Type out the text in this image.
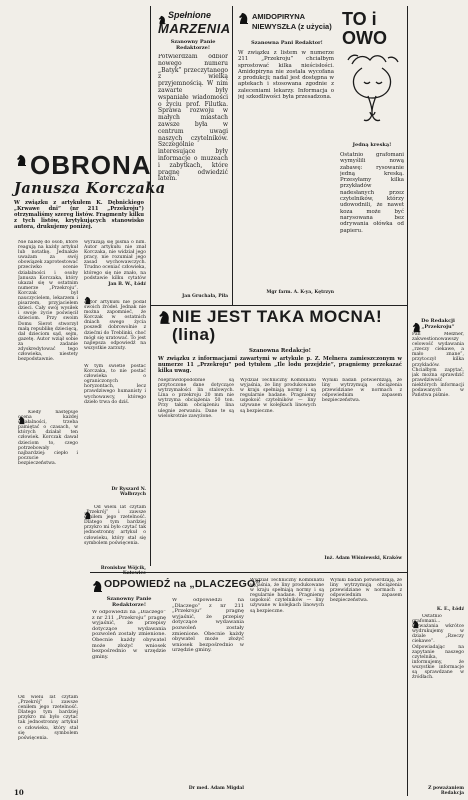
OBRONA
Janusza Korczaka
W związku z artykułem K. Dębnickiego „Krwawe dni” (nr 211 „Przekroju”) otrzymaliśmy szereg listów. Fragmenty kilku z tych listów, krytykujących stanowisko autora, drukujemy poniżej.
Nie należę do osób, które reagują na każdy artykuł lub notatkę. Jednakże uważam za swój obowiązek zaprotestować przeciwko ocenie działalności i osoby Janusza Korczaka, który ukazał się w ostatnim numerze „Przekroju”. Korczak był nauczycielem, lekarzem i pisarzem, przyjacielem dzieci. Cały swój wysiłek i swoje życie poświęcił dzieciom. Przy swoim Domu Sierot stworzył małą republikę dziecięcą, dał dzieciom sąd, sejm, gazetę. Autor wziął sobie za zadanie zdyskredytować tego człowieka, niestety bezpodstawnie.
wyrażają się pisma o nim. Autor artykułu nie znał Korczaka, nie widział jego pracy, nie rozumiał jego zasad wychowawczych. Trudno oceniać człowieka, którego się nie znało, na podstawie kilku cytatów
Jan B. W., Łódź
Autor artykułu nie podał swoich źródeł. Jednak nie można zapomnieć, że Korczak w ostatnich dniach swego życia poszedł dobrowolnie z dziećmi do Treblinki, choć mógł się uratować. To jest najlepsza odpowiedź na wszystkie zarzuty.
W tym świetle postać Korczaka, to nie postać człowieka o ograniczonych horyzontach, lecz prawdziwego humanisty i wychowawcy, którego dzieło trwa do dziś.
Dr Ryszard N. Wałbrzych
Kiedy następuje ocena każdej działalności, trzeba pamiętać o czasach, w których działał ten człowiek. Korczak dawał dzieciom to, czego potrzebowały najbardziej: ciepło i poczucie bezpieczeństwa.
Od wielu lat czytam „Przekrój” i zawsze ceniłem jego rzetelność. Dlatego tym bardziej przykro mi było czytać tak jednostronny artykuł o człowieku, który stał się symbolem poświęcenia.
Bronisław Wójcik, Katowice
Od wielu lat czytam „Przekrój” i zawsze ceniłem jego rzetelność. Dlatego tym bardziej przykro mi było czytać tak jednostronny artykuł o człowieku, który stał się symbolem poświęcenia.
10
Spełnione
MARZENIA
Szanowny Panie Redaktorze!
Potwierdzam odbiór nowego numeru „Batyk” przeczytanego z wielką przyjemnością. W nim zawarte były wspaniałe wiadomości o życiu prof. Filutka. Sprawa rozwoju w małych miastach zawsze była w centrum uwagi naszych czytelników. Szczególnie interesujące były informacje o muzeach i zabytkach, które pragnę odwiedzić latem.
Jan Gruchała, Piła
AMIDOPIRYNA NIEWYSZŁA (z użycia)
Szanowna Pani Redaktor!
W związku z listem w numerze 211 „Przekroju” chciałbym sprostować kilka nieścisłości. Amidopiryna nie została wycofana z produkcji; nadal jest dostępna w aptekach i stosowana zgodnie z zaleceniami lekarzy. Informacja o jej szkodliwości była przesadzona.
Mgr farm. A. K-ya, Kętrzyn
TO i OWO
Jedną kreską!
Ostatnio grafomani wymyślili nową zabawę: rysowanie jedną kreską. Przesyłamy kilka przykładów nadesłanych przez czytelników, którzy udowodnili, że nawet koza może być narysowana bez odrywania ołówka od papieru.
NIE JEST TAKA MOCNA! (lina)
Szanowna Redakcjo!
W związku z informacjami zawartymi w artykule p. Z. Mełnera zamieszczonym w numerze 11 „Przekroju” pod tytułem „Ile lodu przejdzie”, pragniemy przekazać kilka uwag.
Nieprawdopodobnie są przytoczone dane dotyczące wytrzymałości lin stalowych. Lina o przekroju 20 mm nie wytrzyma obciążenia 50 ton. Przy takim obciążeniu lina ulegnie zerwaniu. Dane te są wielokrotnie zawyżone.
Wydział Techniczny Kombinatu wyjaśnia, że liny produkowane w kraju spełniają normy i są regularnie badane. Pragniemy uspokoić czytelników — liny używane w kolejkach linowych są bezpieczne.
Wyniki badań potwierdzają, że liny wytrzymują obciążenia przewidziane w normach z odpowiednim zapasem bezpieczeństwa.
Inż. Adam Wiśniewski, Kraków
Do Redakcji „Przekroju”
Pan Mełzner, zakwestionowawszy celowość wydawania „rzeczy ciekawe, a mało znane”, przytoczył kilka przykładów. Chciałbym zapytać, jak można sprawdzić prawdziwość niektórych informacji podawanych w Państwa piśmie.
K. E., Łódź
Ostatnio grafomani... rozważania wkrótce wydrukujemy w dziale „Rzeczy ciekawe”. Odpowiadając na zapytanie naszego czytelnika, informujemy, że wszystkie informacje są sprawdzane w źródłach.
Z poważaniem Redakcja
ODPOWIEDŹ na „DLACZEGO”
Szanowny Panie Redaktorze!
W odpowiedzi na „Dlaczego” z nr 211 „Przekroju” pragnę wyjaśnić, że przepisy dotyczące wydawania pozwoleń zostały zmienione. Obecnie każdy obywatel może złożyć wniosek bezpośrednio w urzędzie gminy.
W odpowiedzi na „Dlaczego” z nr 211 „Przekroju” pragnę wyjaśnić, że przepisy dotyczące wydawania pozwoleń zostały zmienione. Obecnie każdy obywatel może złożyć wniosek bezpośrednio w urzędzie gminy.
Dr med. Adam Migdal
Wydział Techniczny Kombinatu wyjaśnia, że liny produkowane w kraju spełniają normy i są regularnie badane. Pragniemy uspokoić czytelników — liny używane w kolejkach linowych są bezpieczne.
Wyniki badań potwierdzają, że liny wytrzymują obciążenia przewidziane w normach z odpowiednim zapasem bezpieczeństwa.
